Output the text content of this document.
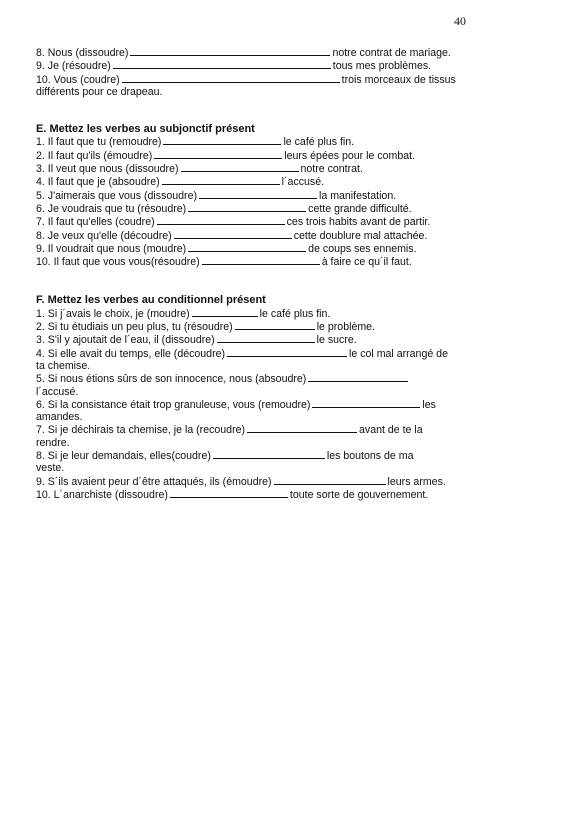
40
8. Nous (dissoudre)	notre contrat de mariage.
9. Je (résoudre)	tous mes problèmes.
10. Vous (coudre)	trois morceaux de tissus
différents pour ce drapeau.
E. Mettez les verbes au subjonctif présent
1. Il faut que tu (remoudre)	le café plus fin.
2. Il faut qu'ils (émoudre)	leurs épées pour le combat.
3. Il veut que nous (dissoudre)	notre contrat.
4. Il faut que je (absoudre)	l´accusé.
5. J'aimerais que vous (dissoudre)	la manifestation.
6. Je voudrais que tu (résoudre)	cette grande difficulté.
7. Il faut qu'elles (coudre)	ces trois habits avant de partir.
8. Je veux qu'elle (découdre)	cette doublure mal attachée.
9. Il voudrait que nous (moudre)	de coups ses ennemis.
10. Il faut que vous vous(résoudre)	à faire ce qu´il faut.
F. Mettez les verbes au conditionnel présent
1. Si j´avais le choix, je (moudre)	le café plus fin.
2. Si tu étudiais un peu plus, tu (résoudre)	le problème.
3. S'il y ajoutait de l´eau, il (dissoudre)	le sucre.
4. Si elle avait du temps, elle (découdre)	le col mal arrangé de
ta chemise.
5. Si nous étions sûrs de son innocence, nous (absoudre)
l´accusé.
6. Si la consistance était trop granuleuse, vous (remoudre)	les
amandes.
7. Si je déchirais ta chemise, je la (recoudre)	avant de te la
rendre.
8. Si je leur demandais, elles(coudre)	les boutons de ma
veste.
9. S´ils avaient peur d´être attaqués, ils (émoudre)	leurs armes.
10. L´anarchiste (dissoudre)	toute sorte de gouvernement.
